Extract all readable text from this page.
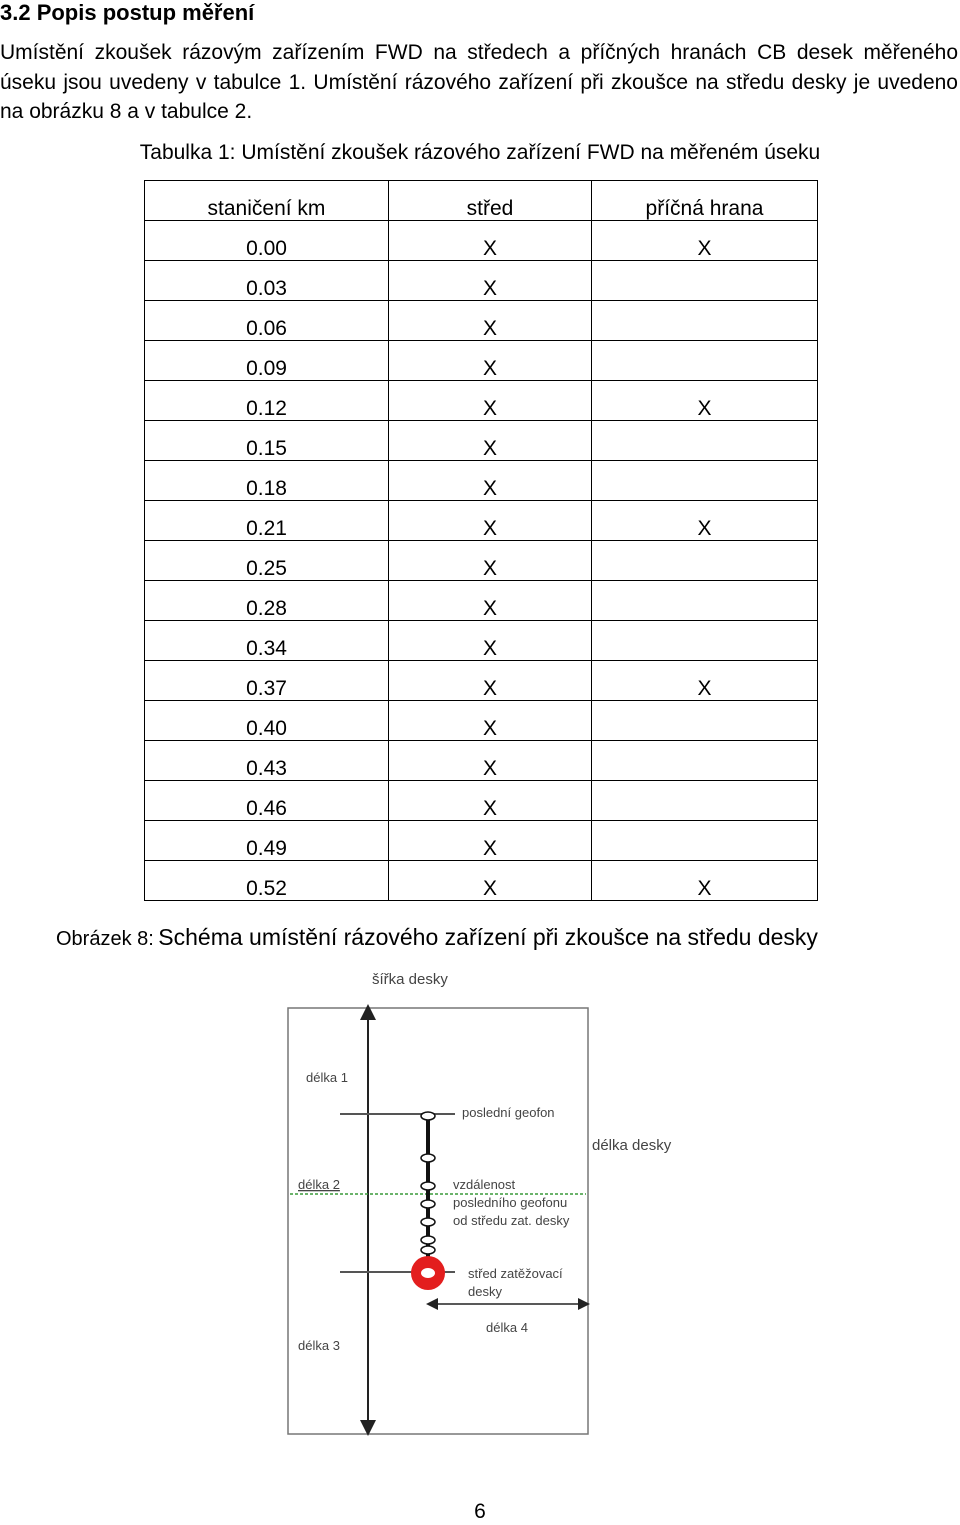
3.2 Popis postup měření
Umístění zkoušek rázovým zařízením FWD na středech a příčných hranách CB desek měřeného úseku jsou uvedeny v tabulce 1. Umístění rázového zařízení při zkoušce na středu desky je uvedeno na obrázku 8 a v tabulce 2.
Tabulka 1: Umístění zkoušek rázového zařízení FWD na měřeném úseku
staničení km	střed	příčná hrana
0.00	X	X
0.03	X	
0.06	X	
0.09	X	
0.12	X	X
0.15	X	
0.18	X	
0.21	X	X
0.25	X	
0.28	X	
0.34	X	
0.37	X	X
0.40	X	
0.43	X	
0.46	X	
0.49	X	
0.52	X	X
Obrázek 8: Schéma umístění rázového zařízení při zkoušce na středu desky
šířka desky
délka desky
poslední geofon
délka 1
délka 2
délka 3
vzdálenost
posledního geofonu
od středu zat. desky
střed zatěžovací
desky
délka 4
6
